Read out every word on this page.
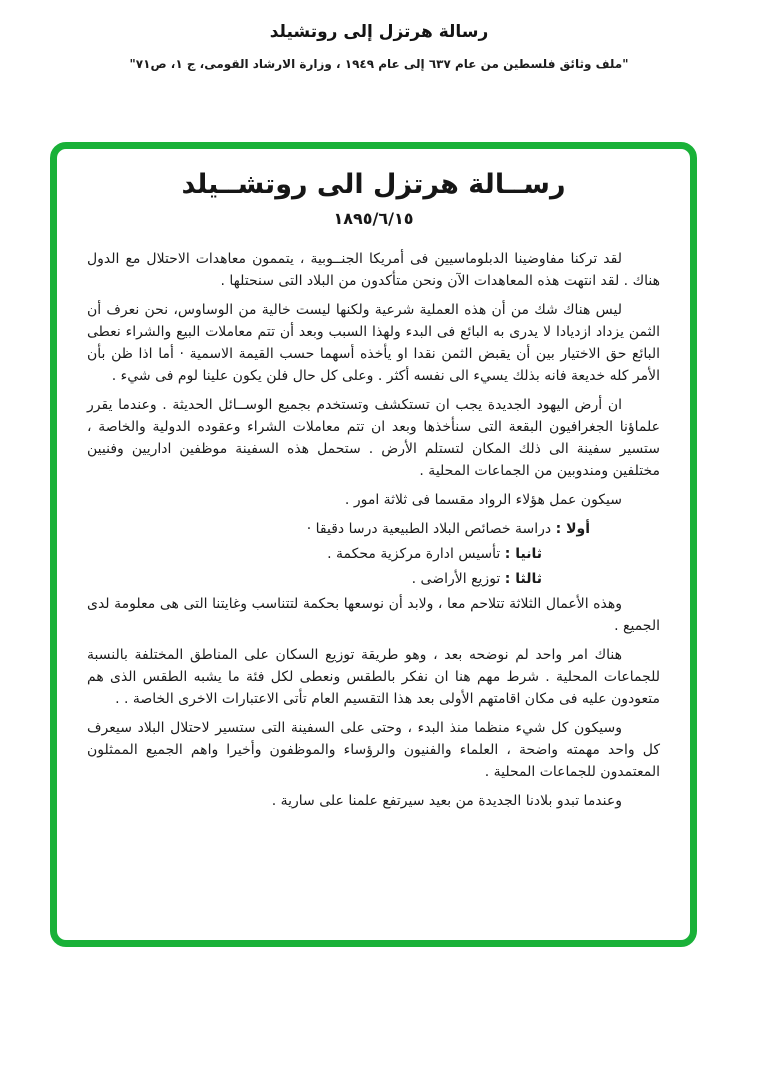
رسالة هرتزل إلى روتشيلد
"ملف وثائق فلسطين من عام ٦٣٧ إلى عام ١٩٤٩ ، وزارة الارشاد القومى، ج ١، ص٧١"
رســالة هرتزل الى روتشــيلد
١٨٩٥/٦/١٥

لقد تركنا مفاوضينا الدبلوماسيين فى أمريكا الجنــوبية ، يتممون معاهدات الاحتلال مع الدول هناك . لقد انتهت هذه المعاهدات الآن ونحن متأكدون من البلاد التى سنحتلها .

ليس هناك شك من أن هذه العملية شرعية ولكنها ليست خالية من الوساوس، نحن نعرف أن الثمن يزداد ازديادا لا يدرى به البائع فى البدء ولهذا السبب وبعد أن تتم معاملات البيع والشراء نعطى البائع حق الاختيار بين أن يقبض الثمن نقدا او يأخذه أسهما حسب القيمة الاسمية · أما اذا ظن بأن الأمر كله خديعة فانه بذلك يسيء الى نفسه أكثر . وعلى كل حال فلن يكون علينا لوم فى شيء .

ان أرض اليهود الجديدة يجب ان تستكشف وتستخدم بجميع الوســائل الحديثة . وعندما يقرر علماؤنا الجغرافيون البقعة التى سنأخذها وبعد ان تتم معاملات الشراء وعقوده الدولية والخاصة ، ستسير سفينة الى ذلك المكان لتستلم الأرض . ستحمل هذه السفينة موظفين اداريين وفنيين مختلفين ومندوبين من الجماعات المحلية .

سيكون عمل هؤلاء الرواد مقسما فى ثلاثة امور .

أولا : دراسة خصائص البلاد الطبيعية درسا دقيقا ·

ثانيا : تأسيس ادارة مركزية محكمة .

ثالثا : توزيع الأراضى .

وهذه الأعمال الثلاثة تتلاحم معا ، ولابد أن نوسعها بحكمة لتتناسب وغايتنا التى هى معلومة لدى الجميع .

هناك امر واحد لم نوضحه بعد ، وهو طريقة توزيع السكان على المناطق المختلفة بالنسبة للجماعات المحلية . شرط مهم هنا ان نفكر بالطقس ونعطى لكل فئة ما يشبه الطقس الذى هم متعودون عليه فى مكان اقامتهم الأولى بعد هذا التقسيم العام تأتى الاعتبارات الاخرى الخاصة . .

وسيكون كل شيء منظما منذ البدء ، وحتى على السفينة التى ستسير لاحتلال البلاد سيعرف كل واحد مهمته واضحة ، العلماء والفنيون والرؤساء والموظفون وأخيرا واهم الجميع الممثلون المعتمدون للجماعات المحلية .

وعندما تبدو بلادنا الجديدة من بعيد سيرتفع علمنا على سارية .
